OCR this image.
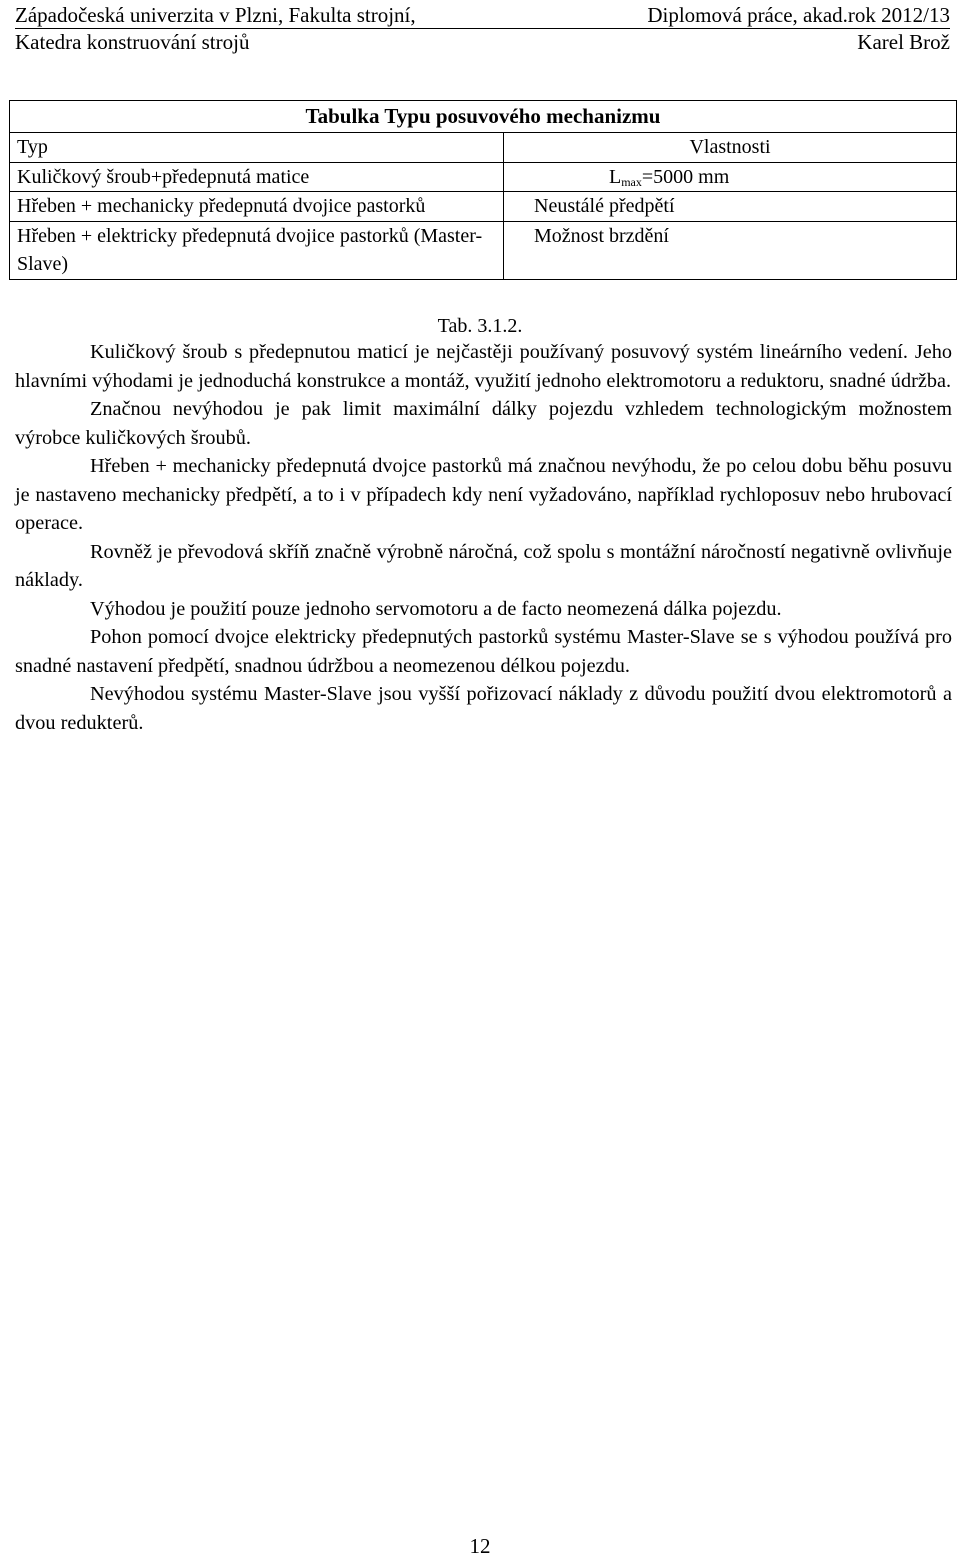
Západočeská univerzita v Plzni, Fakulta strojní,	Diplomová práce, akad.rok 2012/13
Katedra konstruování strojů	Karel Brož
Tabulka Typu posuvového mechanizmu	
Typ	Vlastnosti
Kuličkový šroub+předepnutá matice	$L_{max}=5000$ mm
Hřeben + mechanicky předepnutá dvojice pastorků	Neustálé předpětí
Hřeben + elektricky předepnutá dvojice pastorků (Master- Slave)	Možnost brzdění
Tab. 3.1.2.

Kuličkový šroub s předepnutou maticí je nejčastěji používaný posuvový systém lineárního vedení. Jeho hlavními výhodami je jednoduchá konstrukce a montáž, využití jednoho elektromotoru a reduktoru, snadné údržba.

Značnou nevýhodou je pak limit maximální dálky pojezdu vzhledem technologickým možnostem výrobce kuličkových šroubů.

Hřeben + mechanicky předepnutá dvojce pastorků má značnou nevýhodu, že po celou dobu běhu posuvu je nastaveno mechanicky předpětí, a to i v případech kdy není vyžadováno, například rychloposuv nebo hrubovací operace.

Rovněž je převodová skříň značně výrobně náročná, což spolu s montážní náročností negativně ovlivňuje náklady.

Výhodou je použití pouze jednoho servomotoru a de facto neomezená dálka pojezdu.

Pohon pomocí dvojce elektricky předepnutých pastorků systému Master-Slave se s výhodou používá pro snadné nastavení předpětí, snadnou údržbou a neomezenou délkou pojezdu.

Nevýhodou systému Master-Slave jsou vyšší pořizovací náklady z důvodu použití dvou elektromotorů a dvou redukterů.

12
